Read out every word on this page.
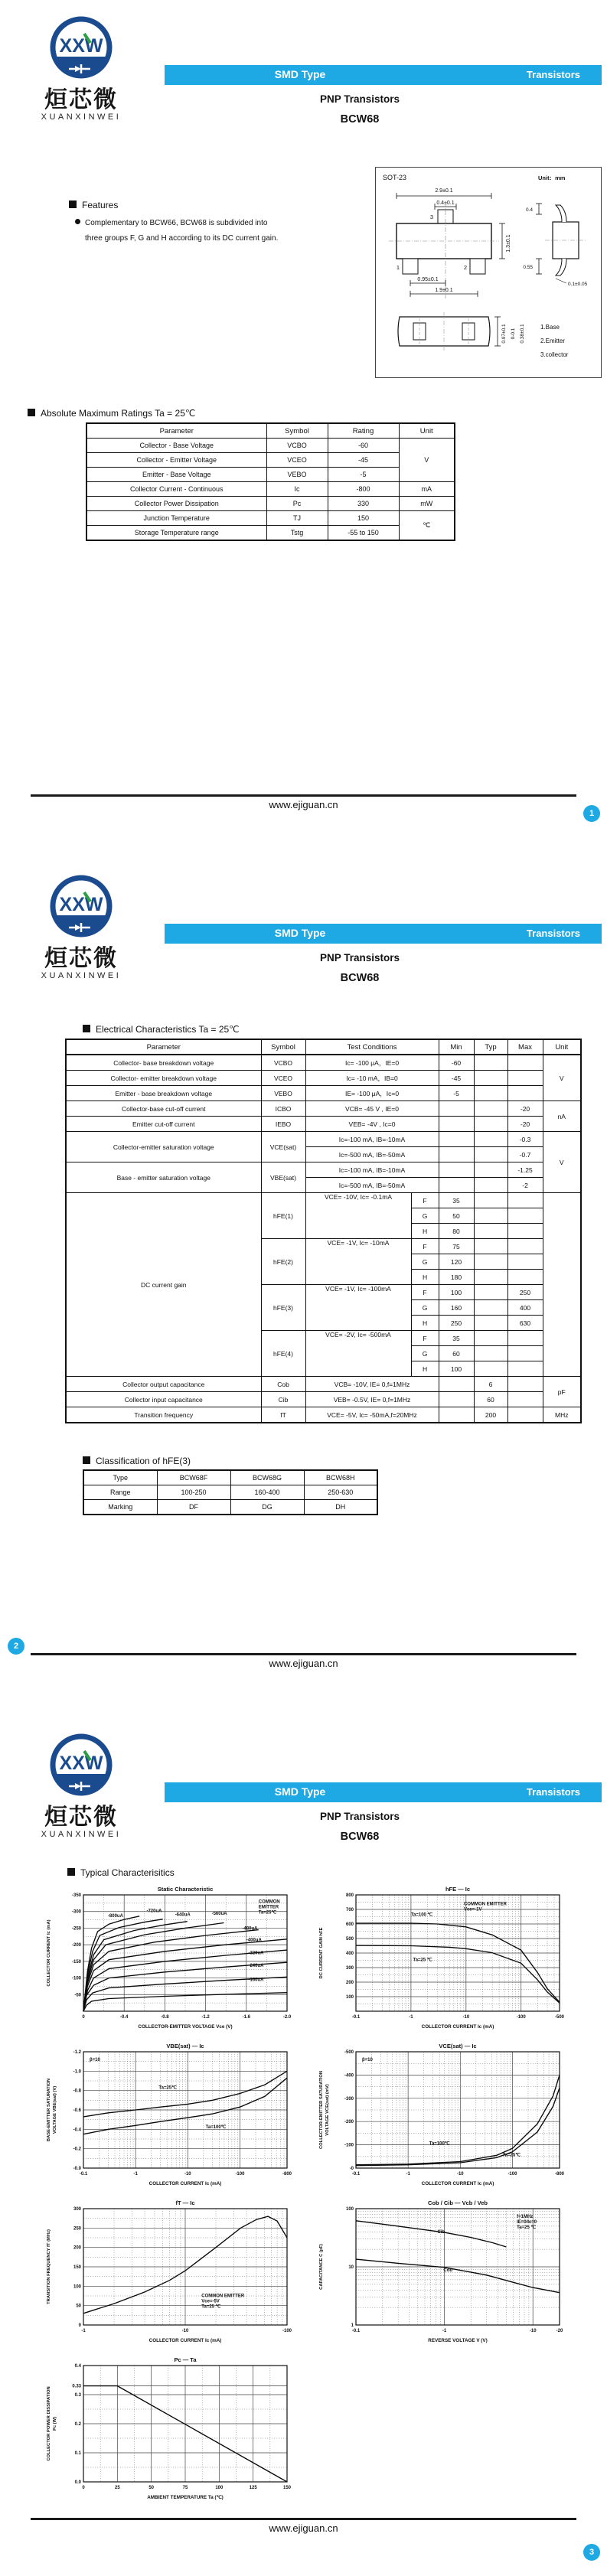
XXW
烜芯微
XUANXINWEI
SMD Type	Transistors
PNP Transistors
BCW68
Features
Complementary to BCW66, BCW68 is subdivided into
three groups F, G and H according to its DC current gain.
SOT-23	Unit：mm
2.9±0.1
0.4±0.1
3
1.3±0.1
1	2
0.95±0.1
1.9±0.1
0.4
0.55
0.1±0.05
0.97±0.1 0-0.1 0.38±0.1	1.Base
2.Emitter
3.collector
Absolute Maximum Ratings Ta = 25℃
Parameter	Symbol	Rating	Unit
Collector - Base Voltage	VCBO	-60	V
Collector - Emitter Voltage	VCEO	-45	
Emitter - Base Voltage	VEBO	-5	
Collector Current - Continuous	Ic	-800	mA
Collector Power Dissipation	Pc	330	mW
Junction Temperature	TJ	150	℃
Storage Temperature range	Tstg	-55 to 150	
www.ejiguan.cn
1
XXW
烜芯微
XUANXINWEI
SMD Type	Transistors
PNP Transistors
BCW68
Electrical Characteristics Ta = 25℃
Parameter	Symbol	Test Conditions		Min	Typ	Max	Unit
Collector- base breakdown voltage	VCBO	Ic= -100 μA，IE=0		-60			V
Collector- emitter breakdown voltage	VCEO	Ic= -10 mA，IB=0		-45			
Emitter - base breakdown voltage	VEBO	IE= -100 μA，Ic=0		-5			
Collector-base cut-off current	ICBO	VCB= -45 V , IE=0				-20	nA
Emitter cut-off current	IEBO	VEB= -4V , Ic=0				-20	
Collector-emitter saturation voltage	VCE(sat)	Ic=-100 mA, IB=-10mA				-0.3	V
		Ic=-500 mA, IB=-50mA				-0.7	
Base - emitter saturation voltage	VBE(sat)	Ic=-100 mA, IB=-10mA				-1.25	
		Ic=-500 mA, IB=-50mA				-2	
DC current gain	hFE(1)	VCE= -10V, Ic= -0.1mA	F	35			
			G	50			
			H	80			
	hFE(2)	VCE= -1V, Ic= -10mA	F	75			
			G	120			
			H	180			
	hFE(3)	VCE= -1V, Ic= -100mA	F	100		250	
			G	160		400	
			H	250		630	
	hFE(4)	VCE= -2V, Ic= -500mA	F	35			
			G	60			
			H	100			
Collector output capacitance	Cob	VCB= -10V, IE= 0,f=1MHz			6		pF
Collector input capacitance	Cib	VEB= -0.5V, IE= 0,f=1MHz			60		
Transition frequency	fT	VCE= -5V, Ic= -50mA,f=20MHz			200		MHz
Classification of hFE(3)
Type	BCW68F	BCW68G	BCW68H
Range	100-250	160-400	250-630
Marking	DF	DG	DH
www.ejiguan.cn
2
XXW
烜芯微
XUANXINWEI
SMD Type	Transistors
PNP Transistors
BCW68
Typical Characterisitics
0	-0.4	-0.8	-1.2	-1.6	-2.0
-50
-100
-150
-200
-250
-300
-350
-800uA
-720uA
-640uA	-560uA
-480uA
-400uA
-320uA
-240uA
-160uA
COMMON
EMITTER
Ta=25℃
Static Characteristic
COLLECTOR-EMITTER VOLTAGE Vce (V)
COLLECTOR CURRENT Ic (mA)
-0.1	-1	-10	-100	-500
100
200
300
400
500
600
700
800
COMMON EMITTER
Vce=-1V
Ta=100 ℃
Ta=25 ℃
hFE — Ic
COLLECTOR CURRENT Ic (mA)
DC CURRENT GAIN hFE
-0.1	-1	-10	-100	-800
-0.0
-0.2
-0.4
-0.6
-0.8
-1.0
-1.2
β=10
Ta=25℃
Ta=100℃
VBE(sat) — Ic
COLLECTOR CURRENT Ic (mA)
BASE-EMITTER SATURATION VOLTAGE VBE(sat) (V)
-0.1	-1	-10	-100	-800
-0
-100
-200
-300
-400
-500
β=10
Ta=100℃
Ta=25℃
VCE(sat) — Ic
COLLECTOR CURRENT Ic (mA)
COLLECTOR-EMITTER SATURATION VOLTAGE VCE(sat) (mV)
-1	-10	-100
0
50
100
150
200
250
300
COMMON EMITTER
Vce=-5V
Ta=25 ℃
fT — Ic
COLLECTOR CURRENT Ic (mA)
TRANSITION FREQUENCY fT (MHz)
-0.1	-1	-10	-20
1
10
100
f=1MHz
IE=0/Ic=0
Ta=25 ℃
Cib
Cob
Cob / Cib — Vcb / Veb
REVERSE VOLTAGE V (V)
CAPACITANCE C (pF)
0	25	50	75	100	125	150
0.0
0.1
0.2
0.3
0.33
0.4
Pc — Ta
AMBIENT TEMPERATURE Ta (℃)
COLLECTOR POWER DISSIPATION Pc (W)
www.ejiguan.cn
3
